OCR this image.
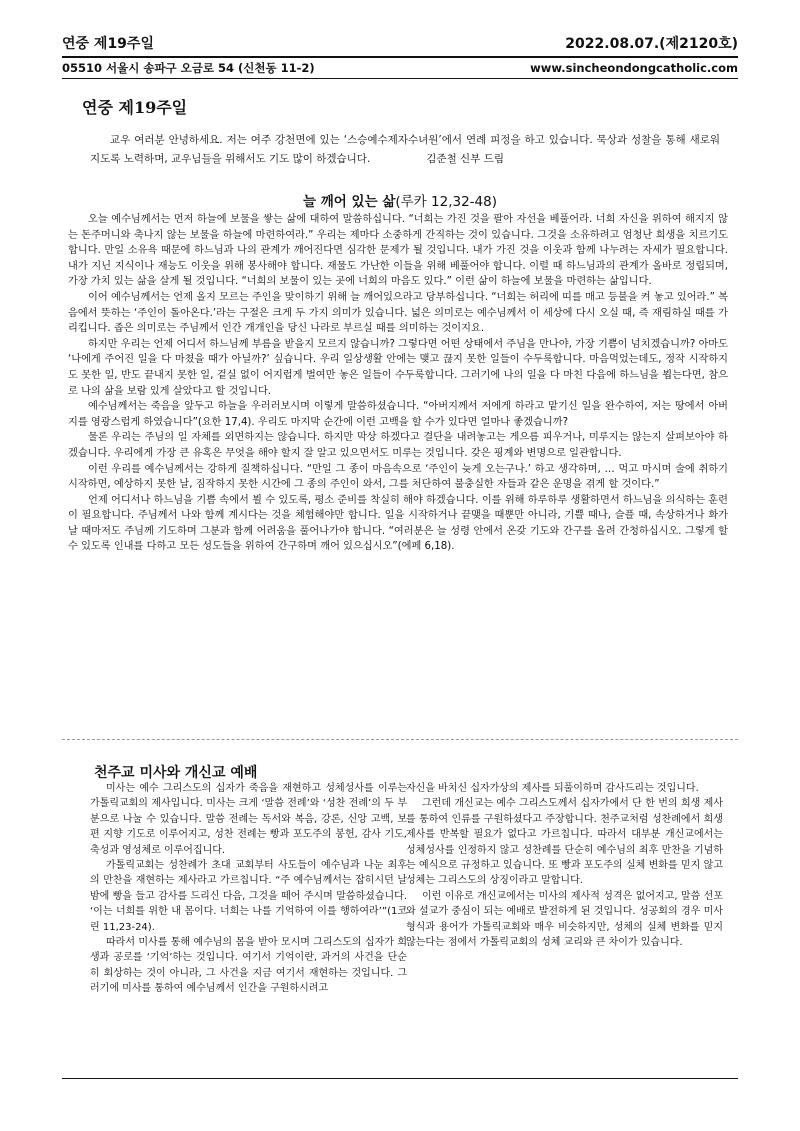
연중 제19주일	2022.08.07.(제2120호)
05510 서울시 송파구 오금로 54 (신천동 11-2)	www.sincheondongcatholic.com
연중 제19주일
교우 여러분 안녕하세요. 저는 여주 강천면에 있는 ‘스승예수제자수녀원’에서 연례 피정을 하고 있습니다. 묵상과 성찰을 통해 새로워지도록 노력하며, 교우님들을 위해서도 기도 많이 하겠습니다.	김준철 신부 드림
늘 깨어 있는 삶(루카 12,32-48)

오늘 예수님께서는 먼저 하늘에 보물을 쌓는 삶에 대하여 말씀하십니다. “너희는 가진 것을 팔아 자선을 베풀어라. 너희 자신을 위하여 해지지 않는 돈주머니와 축나지 않는 보물을 하늘에 마련하여라.” 우리는 제마다 소중하게 간직하는 것이 있습니다. 그것을 소유하려고 엄청난 희생을 치르기도 합니다. 만일 소유욕 때문에 하느님과 나의 관계가 깨어진다면 심각한 문제가 될 것입니다. 내가 가진 것을 이웃과 함께 나누려는 자세가 필요합니다. 내가 지닌 지식이나 재능도 이웃을 위해 봉사해야 합니다. 재물도 가난한 이들을 위해 베풀어야 합니다. 이럴 때 하느님과의 관계가 올바로 정립되며, 가장 가치 있는 삶을 살게 될 것입니다. “너희의 보물이 있는 곳에 너희의 마음도 있다.” 이런 삶이 하늘에 보물을 마련하는 삶입니다.

이어 예수님께서는 언제 올지 모르는 주인을 맞이하기 위해 늘 깨어있으라고 당부하십니다. “너희는 허리에 띠를 매고 등불을 켜 놓고 있어라.” 복음에서 뜻하는 ‘주인이 돌아온다.’라는 구절은 크게 두 가지 의미가 있습니다. 넓은 의미로는 예수님께서 이 세상에 다시 오실 때, 즉 재림하실 때를 가리킵니다. 좁은 의미로는 주님께서 인간 개개인을 당신 나라로 부르실 때를 의미하는 것이지요.

하지만 우리는 언제 어디서 하느님께 부름을 받을지 모르지 않습니까? 그렇다면 어떤 상태에서 주님을 만나야, 가장 기쁨이 넘치겠습니까? 아마도 ‘나에게 주어진 일을 다 마쳤을 때가 아닐까?’ 싶습니다. 우리 일상생활 안에는 맺고 끊지 못한 일들이 수두룩합니다. 마음먹었는데도, 정작 시작하지도 못한 일, 반도 끝내지 못한 일, 겉실 없이 어지럽게 벌여만 놓은 일들이 수두룩합니다. 그러기에 나의 일을 다 마친 다음에 하느님을 뵙는다면, 참으로 나의 삶을 보람 있게 살았다고 할 것입니다.

예수님께서는 죽음을 앞두고 하늘을 우러러보시며 이렇게 말씀하셨습니다. “아버지께서 저에게 하라고 맡기신 일을 완수하여, 저는 땅에서 아버지를 영광스럽게 하였습니다”(요한 17,4). 우리도 마지막 순간에 이런 고백을 할 수가 있다면 얼마나 좋겠습니까?

물론 우리는 주님의 일 자체를 외면하지는 않습니다. 하지만 막상 하겠다고 결단을 내려놓고는 게으름 피우거나, 미루지는 않는지 살펴보아야 하겠습니다. 우리에게 가장 큰 유혹은 무엇을 해야 할지 잘 알고 있으면서도 미루는 것입니다. 갖은 핑계와 변명으로 일관합니다.

이런 우리를 예수님께서는 강하게 질책하십니다. “만일 그 종이 마음속으로 ‘주인이 늦게 오는구나.’ 하고 생각하며, … 먹고 마시며 술에 취하기 시작하면, 예상하지 못한 날, 짐작하지 못한 시간에 그 종의 주인이 와서, 그를 처단하여 불충실한 자들과 같은 운명을 겪게 할 것이다.”

언제 어디서나 하느님을 기쁨 속에서 뵐 수 있도록, 평소 준비를 착실히 해야 하겠습니다. 이를 위해 하루하루 생활하면서 하느님을 의식하는 훈련이 필요합니다. 주님께서 나와 함께 계시다는 것을 체험해야만 합니다. 일을 시작하거나 끝맺을 때뿐만 아니라, 기쁠 때나, 슬플 때, 속상하거나 화가 날 때마저도 주님께 기도하며 그분과 함께 어려움을 풀어나가야 합니다. “여러분은 늘 성령 안에서 온갖 기도와 간구를 올려 간청하십시오. 그렇게 할 수 있도록 인내를 다하고 모든 성도들을 위하여 간구하며 깨어 있으십시오”(에페 6,18).

천주교 미사와 개신교 예배

미사는 예수 그리스도의 십자가 죽음을 재현하고 성체성사를 이루는 가톨릭교회의 제사입니다. 미사는 크게 ‘말씀 전례’와 ‘성찬 전례’의 두 부분으로 나눌 수 있습니다. 말씀 전례는 독서와 복음, 강론, 신앙 고백, 보편 지향 기도로 이루어지고, 성찬 전례는 빵과 포도주의 봉헌, 감사 기도, 축성과 영성체로 이루어집니다.

가톨릭교회는 성찬례가 초대 교회부터 사도들이 예수님과 나눈 최후의 만찬을 재현하는 제사라고 가르칩니다. “주 예수님께서는 잡히시던 날 밤에 빵을 들고 감사를 드리신 다음, 그것을 떼어 주시며 말씀하셨습니다. ‘이는 너희를 위한 내 몸이다. 너희는 나를 기억하여 이를 행하여라’”(1코린 11,23-24).

따라서 미사를 통해 예수님의 몸을 받아 모시며 그리스도의 십자가 희생과 공로를 ‘기억’하는 것입니다. 여기서 기억이란, 과거의 사건을 단순히 회상하는 것이 아니라, 그 사건을 지금 여기서 재현하는 것입니다. 그러기에 미사를 통하여 예수님께서 인간을 구원하시려고

자신을 바치신 십자가상의 제사를 되풀이하며 감사드리는 것입니다.

그런데 개신교는 예수 그리스도께서 십자가에서 단 한 번의 희생 제사를 통하여 인류를 구원하셨다고 주장합니다. 천주교처럼 성찬례에서 희생 제사를 반복할 필요가 없다고 가르칩니다. 따라서 대부분 개신교에서는 성체성사를 인정하지 않고 성찬례를 단순히 예수님의 최후 만찬을 기념하는 예식으로 규정하고 있습니다. 또 빵과 포도주의 실체 변화를 믿지 않고 성체는 그리스도의 상징이라고 말합니다.

이런 이유로 개신교에서는 미사의 제사적 성격은 없어지고, 말씀 선포와 설교가 중심이 되는 예배로 발전하게 된 것입니다. 성공회의 경우 미사 형식과 용어가 가톨릭교회와 매우 비슷하지만, 성체의 실체 변화를 믿지 않는다는 점에서 가톨릭교회의 성체 교리와 큰 차이가 있습니다.
